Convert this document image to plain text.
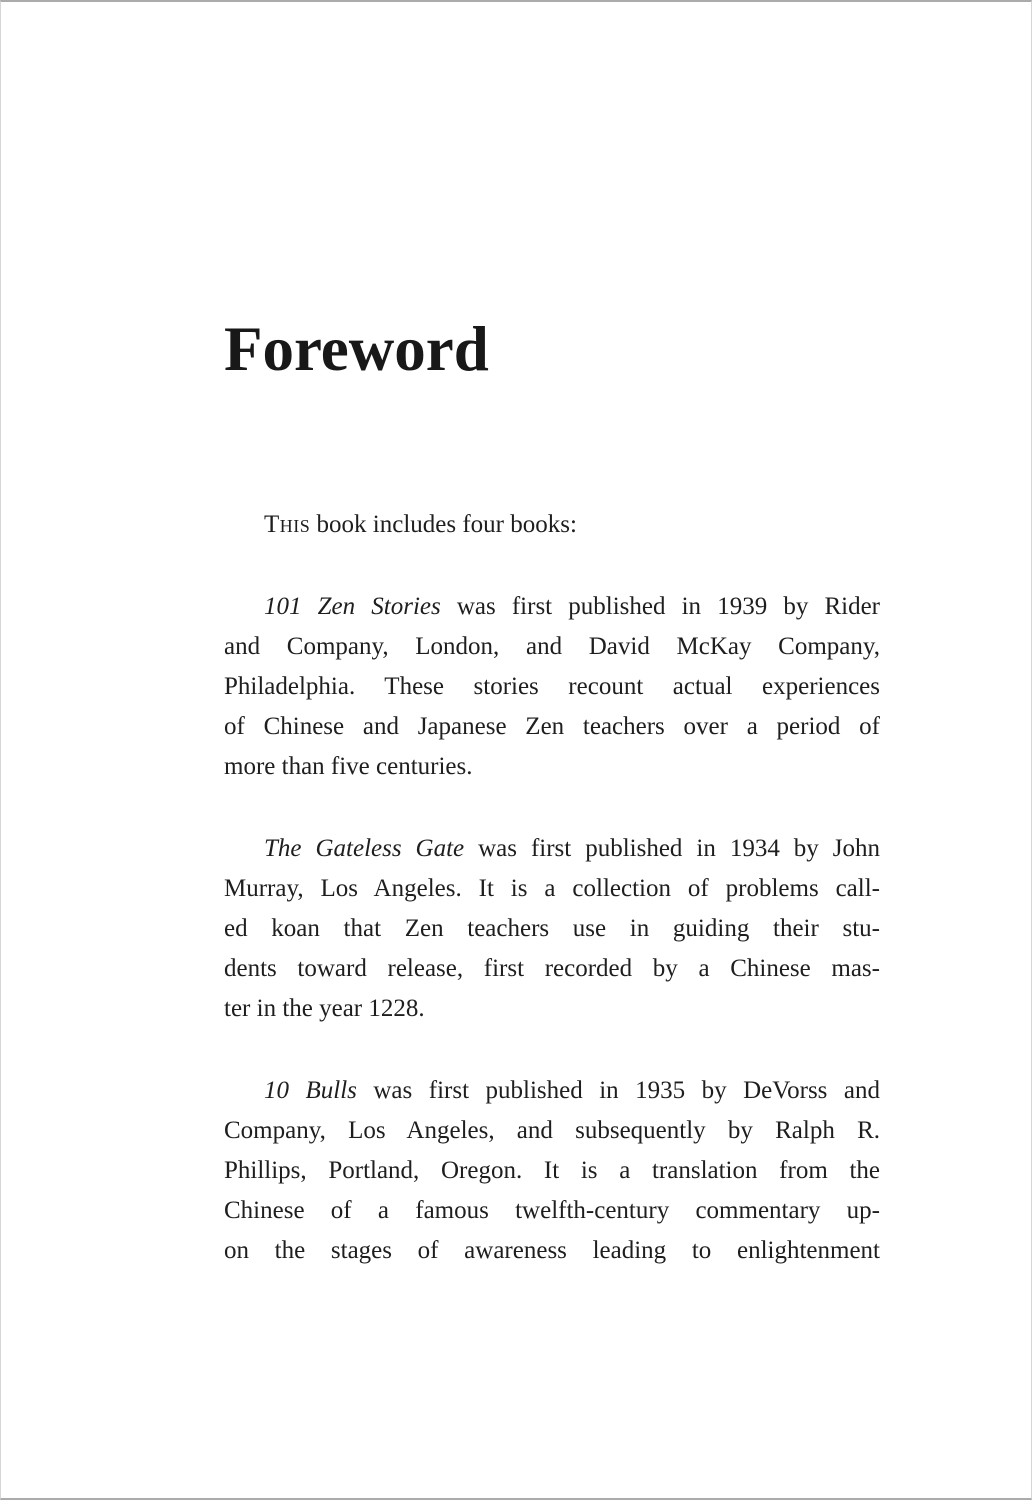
Foreword

This book includes four books:

101 Zen Stories was first published in 1939 by Rider
and Company, London, and David McKay Company,
Philadelphia. These stories recount actual experiences
of Chinese and Japanese Zen teachers over a period of
more than five centuries.

The Gateless Gate was first published in 1934 by John
Murray, Los Angeles. It is a collection of problems call-
ed koan that Zen teachers use in guiding their stu-
dents toward release, first recorded by a Chinese mas-
ter in the year 1228.

10 Bulls was first published in 1935 by DeVorss and
Company, Los Angeles, and subsequently by Ralph R.
Phillips, Portland, Oregon. It is a translation from the
Chinese of a famous twelfth-century commentary up-
on the stages of awareness leading to enlightenment
